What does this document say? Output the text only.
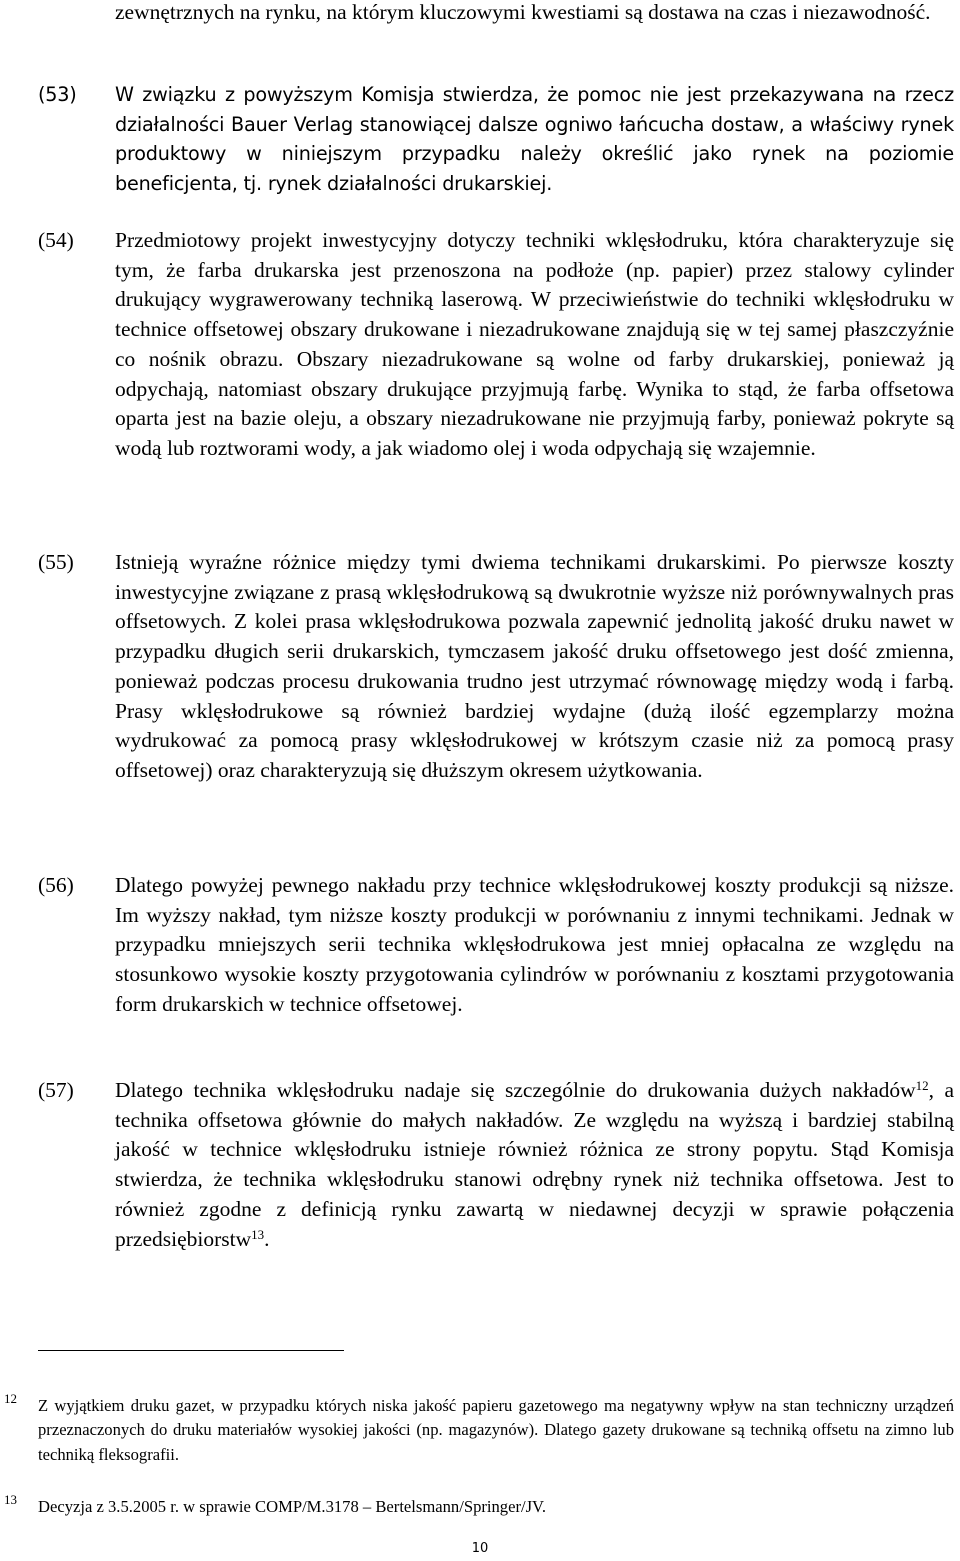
zewnętrznych na rynku, na którym kluczowymi kwestiami są dostawa na czas i niezawodność.

(53) W związku z powyższym Komisja stwierdza, że pomoc nie jest przekazywana na rzecz działalności Bauer Verlag stanowiącej dalsze ogniwo łańcucha dostaw, a właściwy rynek produktowy w niniejszym przypadku należy określić jako rynek na poziomie beneficjenta, tj. rynek działalności drukarskiej.

(54) Przedmiotowy projekt inwestycyjny dotyczy techniki wklęsłodruku, która charakteryzuje się tym, że farba drukarska jest przenoszona na podłoże (np. papier) przez stalowy cylinder drukujący wygrawerowany techniką laserową. W przeciwieństwie do techniki wklęsłodruku w technice offsetowej obszary drukowane i niezadrukowane znajdują się w tej samej płaszczyźnie co nośnik obrazu. Obszary niezadrukowane są wolne od farby drukarskiej, ponieważ ją odpychają, natomiast obszary drukujące przyjmują farbę. Wynika to stąd, że farba offsetowa oparta jest na bazie oleju, a obszary niezadrukowane nie przyjmują farby, ponieważ pokryte są wodą lub roztworami wody, a jak wiadomo olej i woda odpychają się wzajemnie.

(55) Istnieją wyraźne różnice między tymi dwiema technikami drukarskimi. Po pierwsze koszty inwestycyjne związane z prasą wklęsłodrukową są dwukrotnie wyższe niż porównywalnych pras offsetowych. Z kolei prasa wklęsłodrukowa pozwala zapewnić jednolitą jakość druku nawet w przypadku długich serii drukarskich, tymczasem jakość druku offsetowego jest dość zmienna, ponieważ podczas procesu drukowania trudno jest utrzymać równowagę między wodą i farbą. Prasy wklęsłodrukowe są również bardziej wydajne (dużą ilość egzemplarzy można wydrukować za pomocą prasy wklęsłodrukowej w krótszym czasie niż za pomocą prasy offsetowej) oraz charakteryzują się dłuższym okresem użytkowania.

(56) Dlatego powyżej pewnego nakładu przy technice wklęsłodrukowej koszty produkcji są niższe. Im wyższy nakład, tym niższe koszty produkcji w porównaniu z innymi technikami. Jednak w przypadku mniejszych serii technika wklęsłodrukowa jest mniej opłacalna ze względu na stosunkowo wysokie koszty przygotowania cylindrów w porównaniu z kosztami przygotowania form drukarskich w technice offsetowej.

(57) Dlatego technika wklęsłodruku nadaje się szczególnie do drukowania dużych nakładów$^{12}$, a technika offsetowa głównie do małych nakładów. Ze względu na wyższą i bardziej stabilną jakość w technice wklęsłodruku istnieje również różnica ze strony popytu. Stąd Komisja stwierdza, że technika wklęsłodruku stanowi odrębny rynek niż technika offsetowa. Jest to również zgodne z definicją rynku zawartą w niedawnej decyzji w sprawie połączenia przedsiębiorstw$^{13}$.

12 Z wyjątkiem druku gazet, w przypadku których niska jakość papieru gazetowego ma negatywny wpływ na stan techniczny urządzeń przeznaczonych do druku materiałów wysokiej jakości (np. magazynów). Dlatego gazety drukowane są techniką offsetu na zimno lub techniką fleksografii.

13 Decyzja z 3.5.2005 r. w sprawie COMP/M.3178 – Bertelsmann/Springer/JV.

10
